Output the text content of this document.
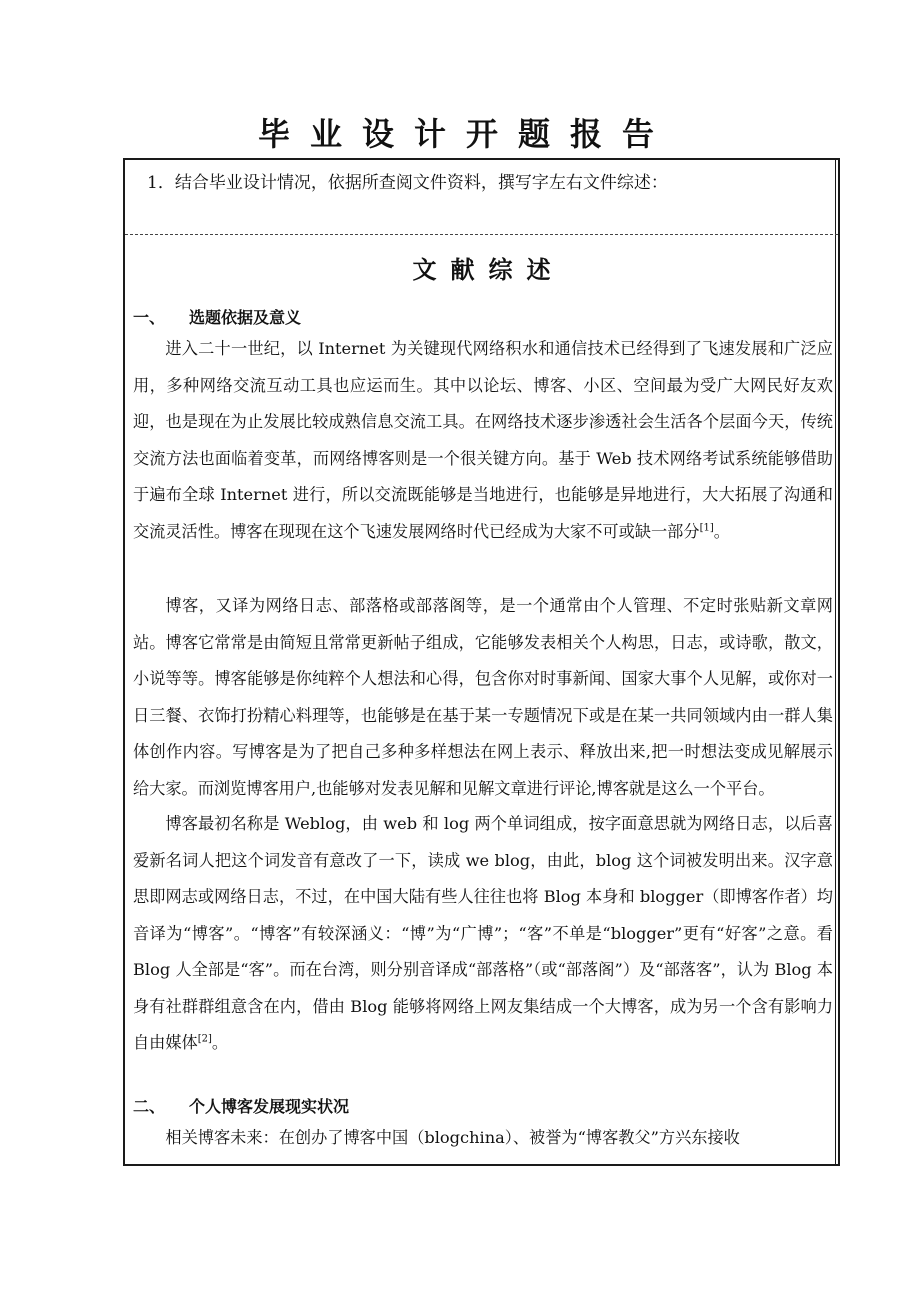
毕业设计开题报告
1．结合毕业设计情况，依据所查阅文件资料，撰写字左右文件综述：
文献综述
一、 选题依据及意义

进入二十一世纪，以 Internet 为关键现代网络积水和通信技术已经得到了飞速发展和广泛应用，多种网络交流互动工具也应运而生。其中以论坛、博客、小区、空间最为受广大网民好友欢迎，也是现在为止发展比较成熟信息交流工具。在网络技术逐步渗透社会生活各个层面今天，传统交流方法也面临着变革，而网络博客则是一个很关键方向。基于 Web 技术网络考试系统能够借助于遍布全球 Internet 进行，所以交流既能够是当地进行，也能够是异地进行，大大拓展了沟通和交流灵活性。博客在现现在这个飞速发展网络时代已经成为大家不可或缺一部分[1]。

博客，又译为网络日志、部落格或部落阁等，是一个通常由个人管理、不定时张贴新文章网站。博客它常常是由简短且常常更新帖子组成，它能够发表相关个人构思，日志，或诗歌，散文，小说等等。博客能够是你纯粹个人想法和心得，包含你对时事新闻、国家大事个人见解，或你对一日三餐、衣饰打扮精心料理等，也能够是在基于某一专题情况下或是在某一共同领域内由一群人集体创作内容。写博客是为了把自己多种多样想法在网上表示、释放出来,把一时想法变成见解展示给大家。而浏览博客用户,也能够对发表见解和见解文章进行评论,博客就是这么一个平台。

博客最初名称是 Weblog，由 web 和 log 两个单词组成，按字面意思就为网络日志，以后喜爱新名词人把这个词发音有意改了一下，读成 we blog，由此，blog 这个词被发明出来。汉字意思即网志或网络日志，不过，在中国大陆有些人往往也将 Blog 本身和 blogger（即博客作者）均音译为“博客”。“博客”有较深涵义：“博”为“广博”；“客”不单是“blogger”更有“好客”之意。看 Blog 人全部是“客”。而在台湾，则分别音译成“部落格”（或“部落阁”）及“部落客”，认为 Blog 本身有社群群组意含在内，借由 Blog 能够将网络上网友集结成一个大博客，成为另一个含有影响力自由媒体[2]。

二、 个人博客发展现实状况

相关博客未来：在创办了博客中国（blogchina）、被誉为“博客教父”方兴东接收
